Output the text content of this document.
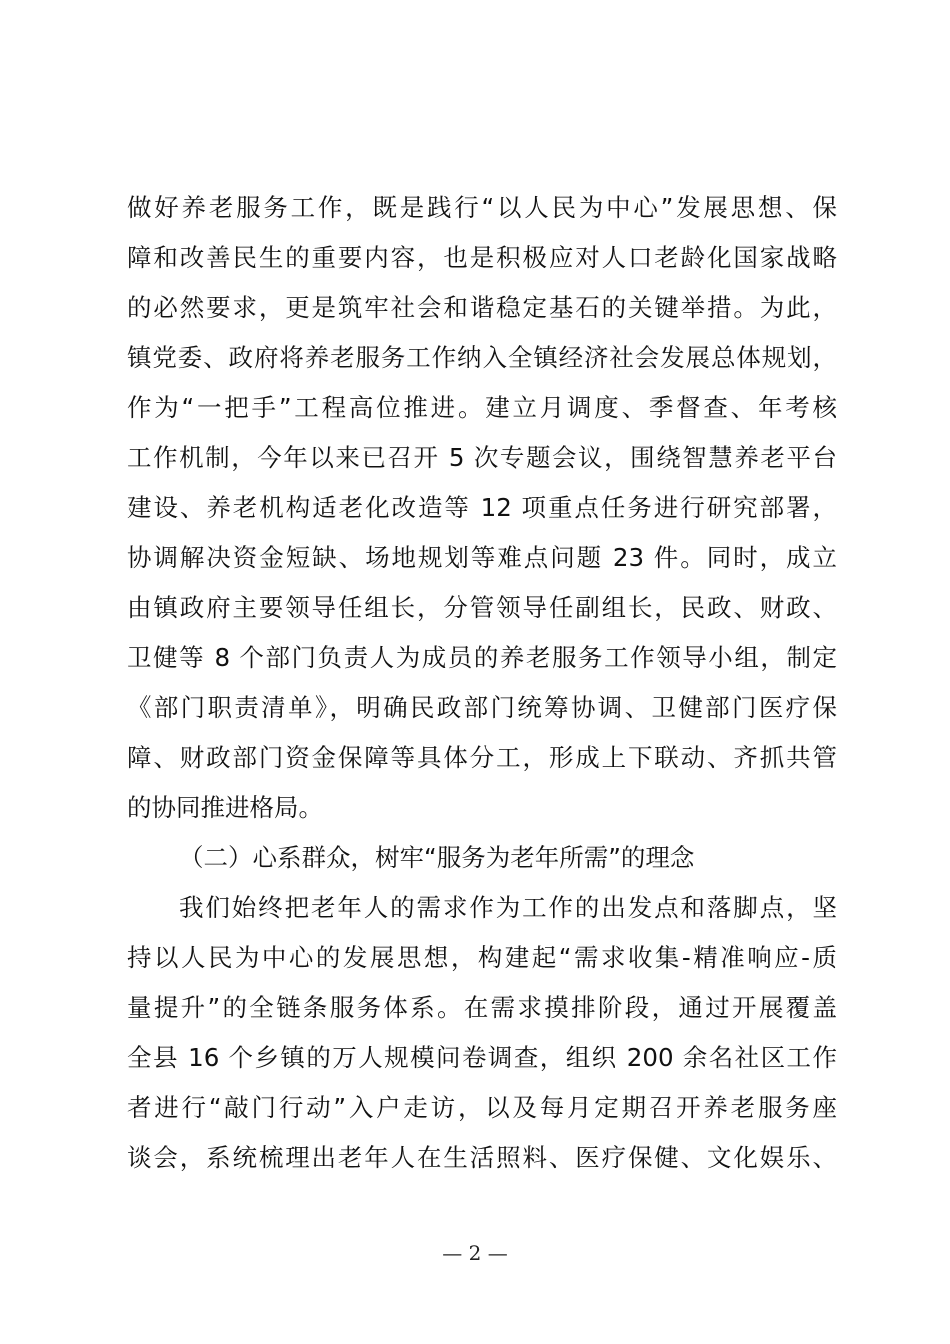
做好养老服务工作，既是践行“以人民为中心”发展思想、保
障和改善民生的重要内容，也是积极应对人口老龄化国家战略
的必然要求，更是筑牢社会和谐稳定基石的关键举措。为此，
镇党委、政府将养老服务工作纳入全镇经济社会发展总体规划，
作为“一把手”工程高位推进。建立月调度、季督查、年考核
工作机制，今年以来已召开 5 次专题会议，围绕智慧养老平台
建设、养老机构适老化改造等 12 项重点任务进行研究部署，
协调解决资金短缺、场地规划等难点问题 23 件。同时，成立
由镇政府主要领导任组长，分管领导任副组长，民政、财政、
卫健等 8 个部门负责人为成员的养老服务工作领导小组，制定
《部门职责清单》，明确民政部门统筹协调、卫健部门医疗保
障、财政部门资金保障等具体分工，形成上下联动、齐抓共管
的协同推进格局。
（二）心系群众，树牢“服务为老年所需”的理念
我们始终把老年人的需求作为工作的出发点和落脚点，坚
持以人民为中心的发展思想，构建起“需求收集-精准响应-质
量提升”的全链条服务体系。在需求摸排阶段，通过开展覆盖
全县 16 个乡镇的万人规模问卷调查，组织 200 余名社区工作
者进行“敲门行动”入户走访，以及每月定期召开养老服务座
谈会，系统梳理出老年人在生活照料、医疗保健、文化娱乐、
— 2 —
